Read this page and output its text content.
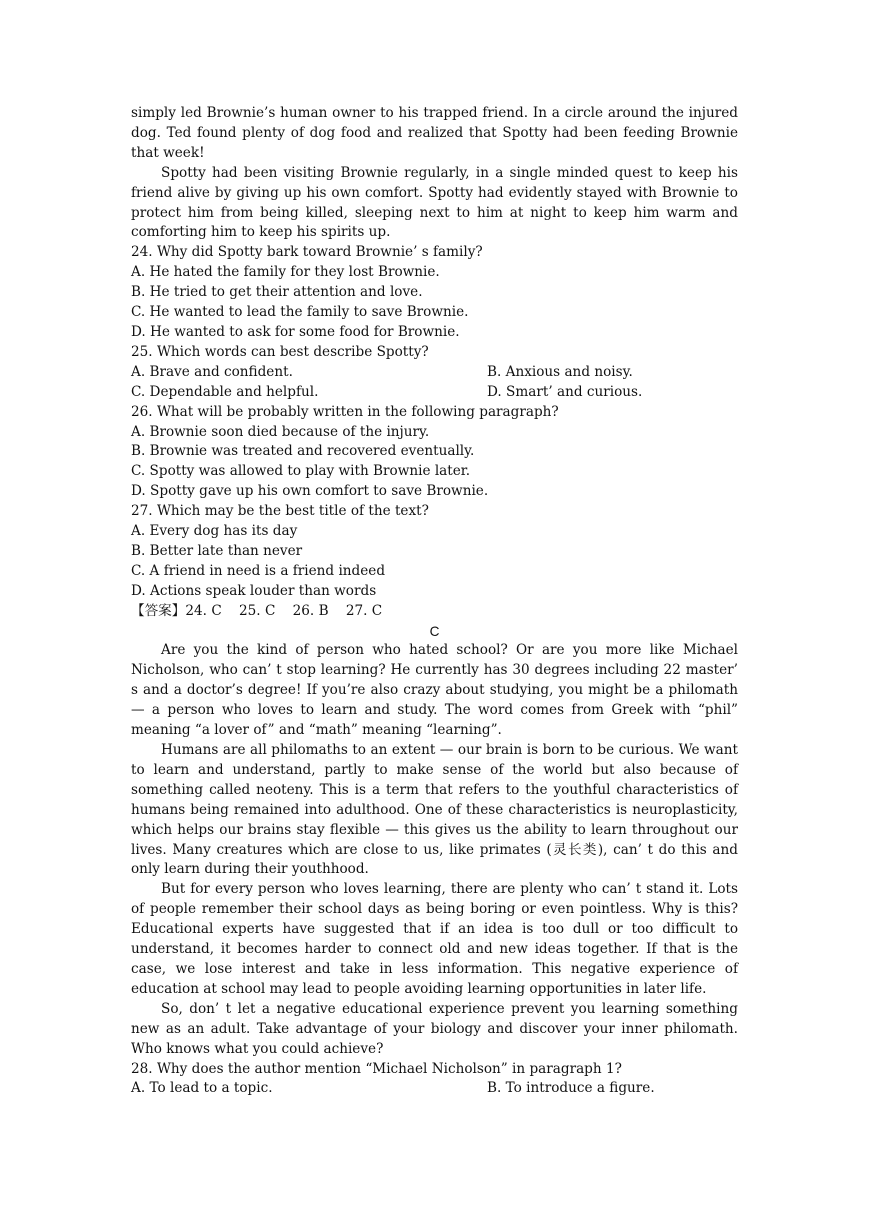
simply led Brownie’s human owner to his trapped friend. In a circle around the injured dog. Ted found plenty of dog food and realized that Spotty had been feeding Brownie that week!

Spotty had been visiting Brownie regularly, in a single minded quest to keep his friend alive by giving up his own comfort. Spotty had evidently stayed with Brownie to protect him from being killed, sleeping next to him at night to keep him warm and comforting him to keep his spirits up.

24. Why did Spotty bark toward Brownie’ s family?

A. He hated the family for they lost Brownie.

B. He tried to get their attention and love.

C. He wanted to lead the family to save Brownie.

D. He wanted to ask for some food for Brownie.

25. Which words can best describe Spotty?

A. Brave and confident.	B. Anxious and noisy.
C. Dependable and helpful.	D. Smart’ and curious.

26. What will be probably written in the following paragraph?

A. Brownie soon died because of the injury.

B. Brownie was treated and recovered eventually.

C. Spotty was allowed to play with Brownie later.

D. Spotty gave up his own comfort to save Brownie.

27. Which may be the best title of the text?

A. Every dog has its day

B. Better late than never

C. A friend in need is a friend indeed

D. Actions speak louder than words

【答案】24. C    25. C    26. B    27. C

C

Are you the kind of person who hated school? Or are you more like Michael Nicholson, who can’ t stop learning? He currently has 30 degrees including 22 master’ s and a doctor’s degree! If you’re also crazy about studying, you might be a philomath — a person who loves to learn and study. The word comes from Greek with “phil” meaning “a lover of” and “math” meaning “learning”.

Humans are all philomaths to an extent — our brain is born to be curious. We want to learn and understand, partly to make sense of the world but also because of something called neoteny. This is a term that refers to the youthful characteristics of humans being remained into adulthood. One of these characteristics is neuroplasticity, which helps our brains stay flexible — this gives us the ability to learn throughout our lives. Many creatures which are close to us, like primates (灵长类), can’ t do this and only learn during their youthhood.

But for every person who loves learning, there are plenty who can’ t stand it. Lots of people remember their school days as being boring or even pointless. Why is this? Educational experts have suggested that if an idea is too dull or too difficult to understand, it becomes harder to connect old and new ideas together. If that is the case, we lose interest and take in less information. This negative experience of education at school may lead to people avoiding learning opportunities in later life.

So, don’ t let a negative educational experience prevent you learning something new as an adult. Take advantage of your biology and discover your inner philomath. Who knows what you could achieve?

28. Why does the author mention “Michael Nicholson” in paragraph 1?

A. To lead to a topic.	B. To introduce a figure.
